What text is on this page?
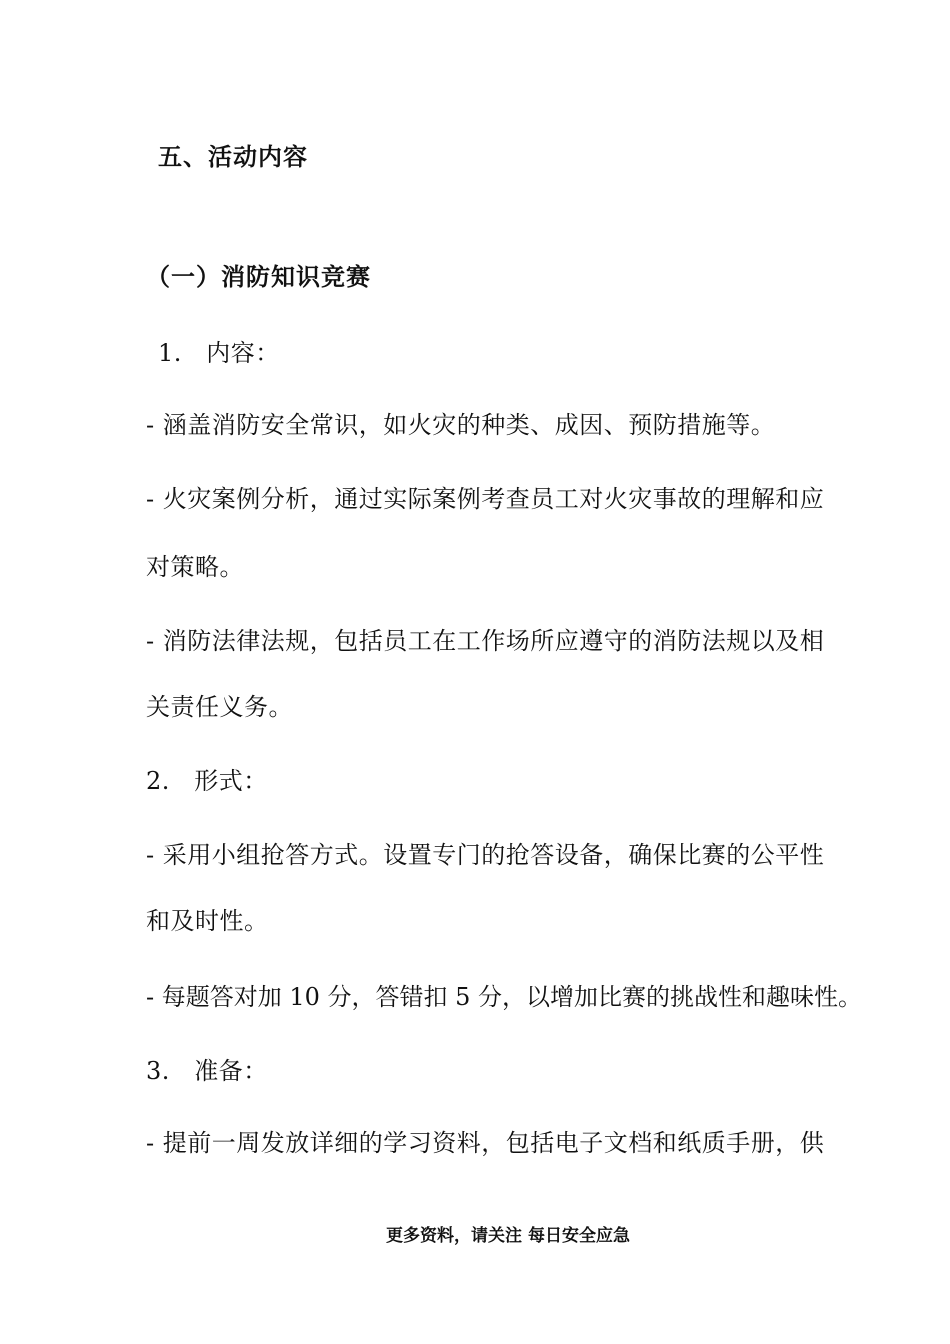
五、活动内容
（一）消防知识竞赛
1.   内容：
- 涵盖消防安全常识，如火灾的种类、成因、预防措施等。
- 火灾案例分析，通过实际案例考查员工对火灾事故的理解和应
对策略。
- 消防法律法规，包括员工在工作场所应遵守的消防法规以及相
关责任义务。
2.   形式：
- 采用小组抢答方式。设置专门的抢答设备，确保比赛的公平性
和及时性。
- 每题答对加 10 分，答错扣 5 分，以增加比赛的挑战性和趣味性。
3.   准备：
- 提前一周发放详细的学习资料，包括电子文档和纸质手册，供
更多资料，请关注 每日安全应急
